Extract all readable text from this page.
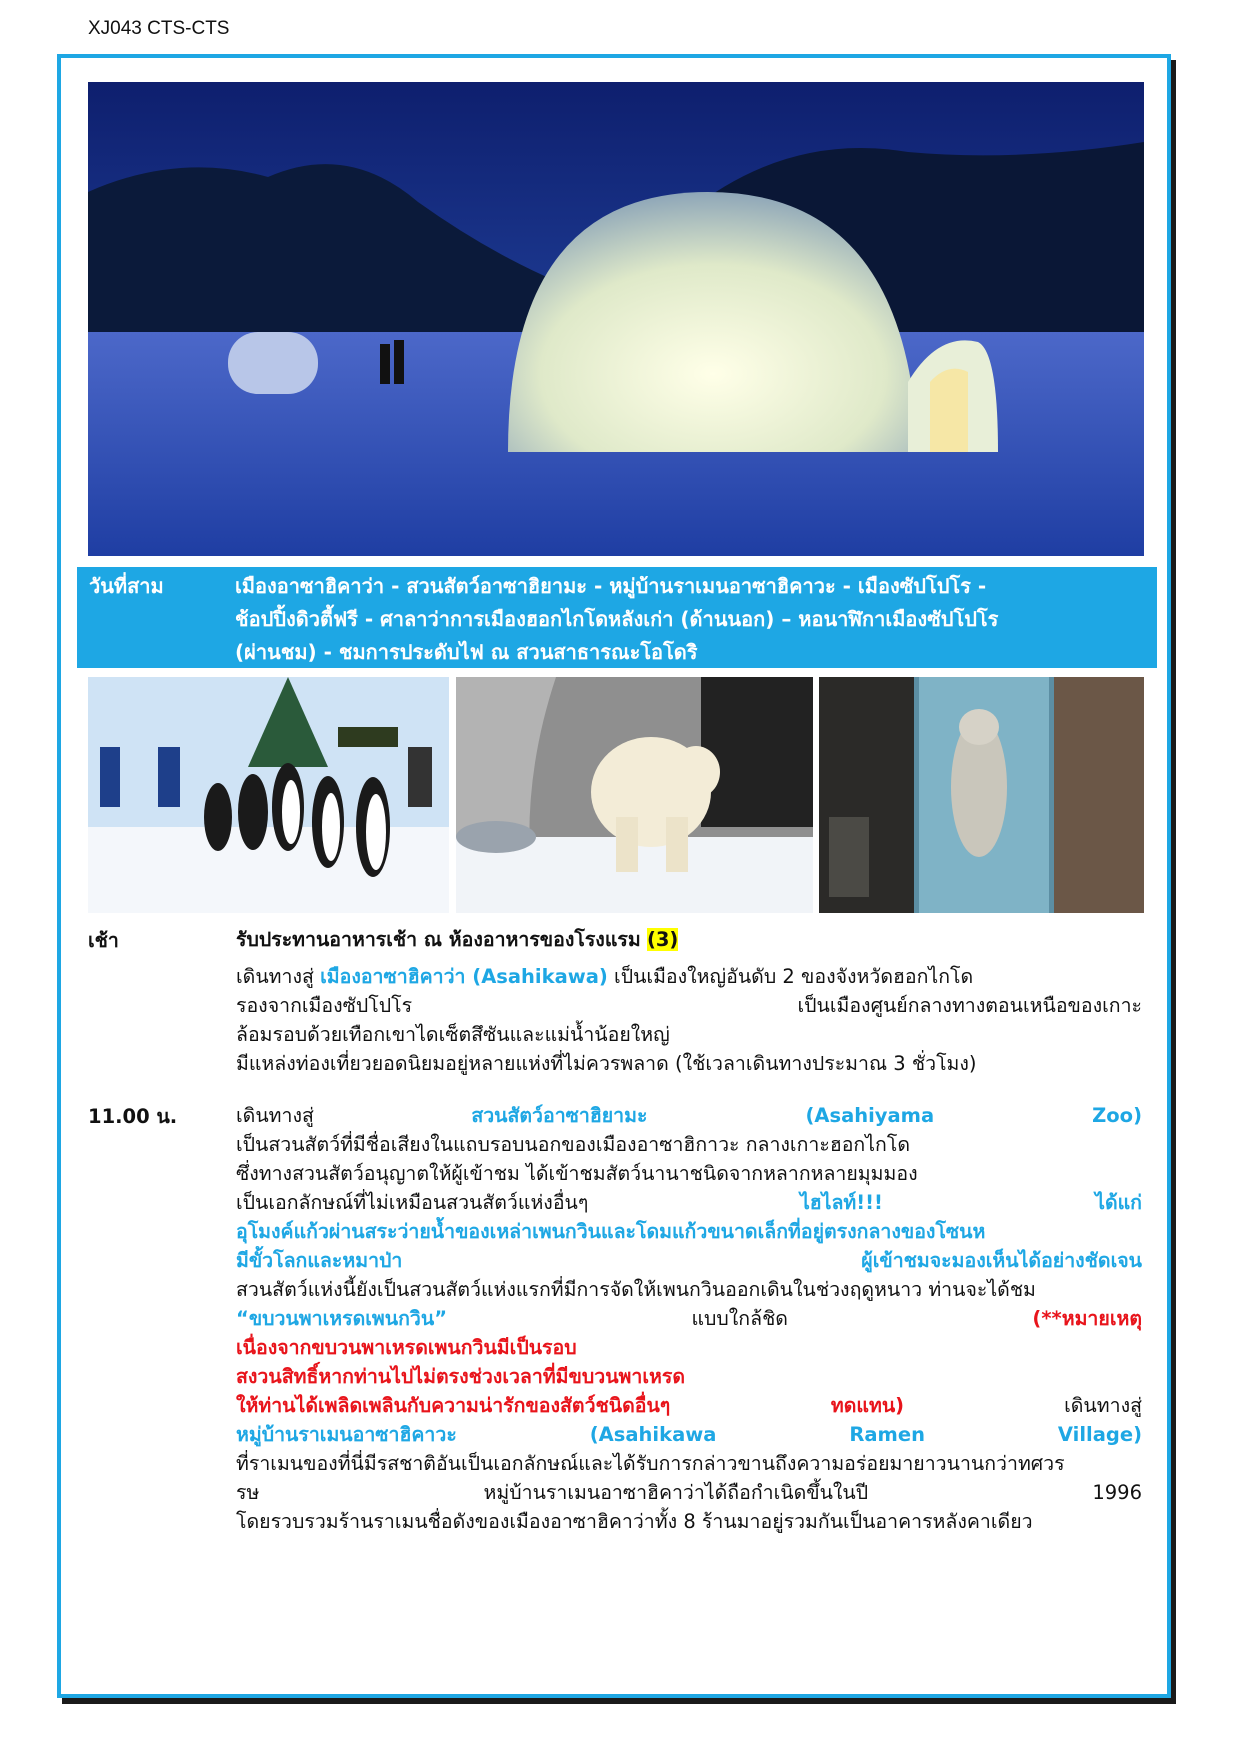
XJ043 CTS-CTS
วันที่สาม	เมืองอาซาฮิคาว่า - สวนสัตว์อาซาฮิยามะ - หมู่บ้านราเมนอาซาฮิคาวะ - เมืองซัปโปโร -
ช้อปปิ้งดิวตี้ฟรี - ศาลาว่าการเมืองฮอกไกโดหลังเก่า (ด้านนอก) – หอนาฬิกาเมืองซัปโปโร
(ผ่านชม) - ชมการประดับไฟ ณ สวนสาธารณะโอโดริ
เช้า	รับประทานอาหารเช้า ณ ห้องอาหารของโรงแรม (3)
เดินทางสู่ เมืองอาซาฮิคาว่า (Asahikawa) เป็นเมืองใหญ่อันดับ 2 ของจังหวัดฮอกไกโด
รองจากเมืองซัปโปโร เป็นเมืองศูนย์กลางทางตอนเหนือของเกาะ
ล้อมรอบด้วยเทือกเขาไดเซ็ตสึซันและแม่น้ำน้อยใหญ่
มีแหล่งท่องเที่ยวยอดนิยมอยู่หลายแห่งที่ไม่ควรพลาด (ใช้เวลาเดินทางประมาณ 3 ชั่วโมง)
11.00 น.	เดินทางสู่ สวนสัตว์อาซาฮิยามะ (Asahiyama Zoo)
เป็นสวนสัตว์ที่มีชื่อเสียงในแถบรอบนอกของเมืองอาซาฮิกาวะ กลางเกาะฮอกไกโด
ซึ่งทางสวนสัตว์อนุญาตให้ผู้เข้าชม ได้เข้าชมสัตว์นานาชนิดจากหลากหลายมุมมอง
เป็นเอกลักษณ์ที่ไม่เหมือนสวนสัตว์แห่งอื่นๆ ไฮไลท์!!! ได้แก่
อุโมงค์แก้วผ่านสระว่ายน้ำของเหล่าเพนกวินและโดมแก้วขนาดเล็กที่อยู่ตรงกลางของโซนห
มีขั้วโลกและหมาป่า ผู้เข้าชมจะมองเห็นได้อย่างชัดเจน
สวนสัตว์แห่งนี้ยังเป็นสวนสัตว์แห่งแรกที่มีการจัดให้เพนกวินออกเดินในช่วงฤดูหนาว ท่านจะได้ชม
“ขบวนพาเหรดเพนกวิน” แบบใกล้ชิด (**หมายเหตุ
เนื่องจากขบวนพาเหรดเพนกวินมีเป็นรอบ
สงวนสิทธิ์หากท่านไปไม่ตรงช่วงเวลาที่มีขบวนพาเหรด
ให้ท่านได้เพลิดเพลินกับความน่ารักของสัตว์ชนิดอื่นๆ ทดแทน) เดินทางสู่
หมู่บ้านราเมนอาซาฮิคาวะ (Asahikawa Ramen Village)
ที่ราเมนของที่นี่มีรสชาติอันเป็นเอกลักษณ์และได้รับการกล่าวขานถึงความอร่อยมายาวนานกว่าทศวร
รษ หมู่บ้านราเมนอาซาฮิคาว่าได้ถือกำเนิดขึ้นในปี 1996
โดยรวบรวมร้านราเมนชื่อดังของเมืองอาซาฮิคาว่าทั้ง 8 ร้านมาอยู่รวมกันเป็นอาคารหลังคาเดียว
